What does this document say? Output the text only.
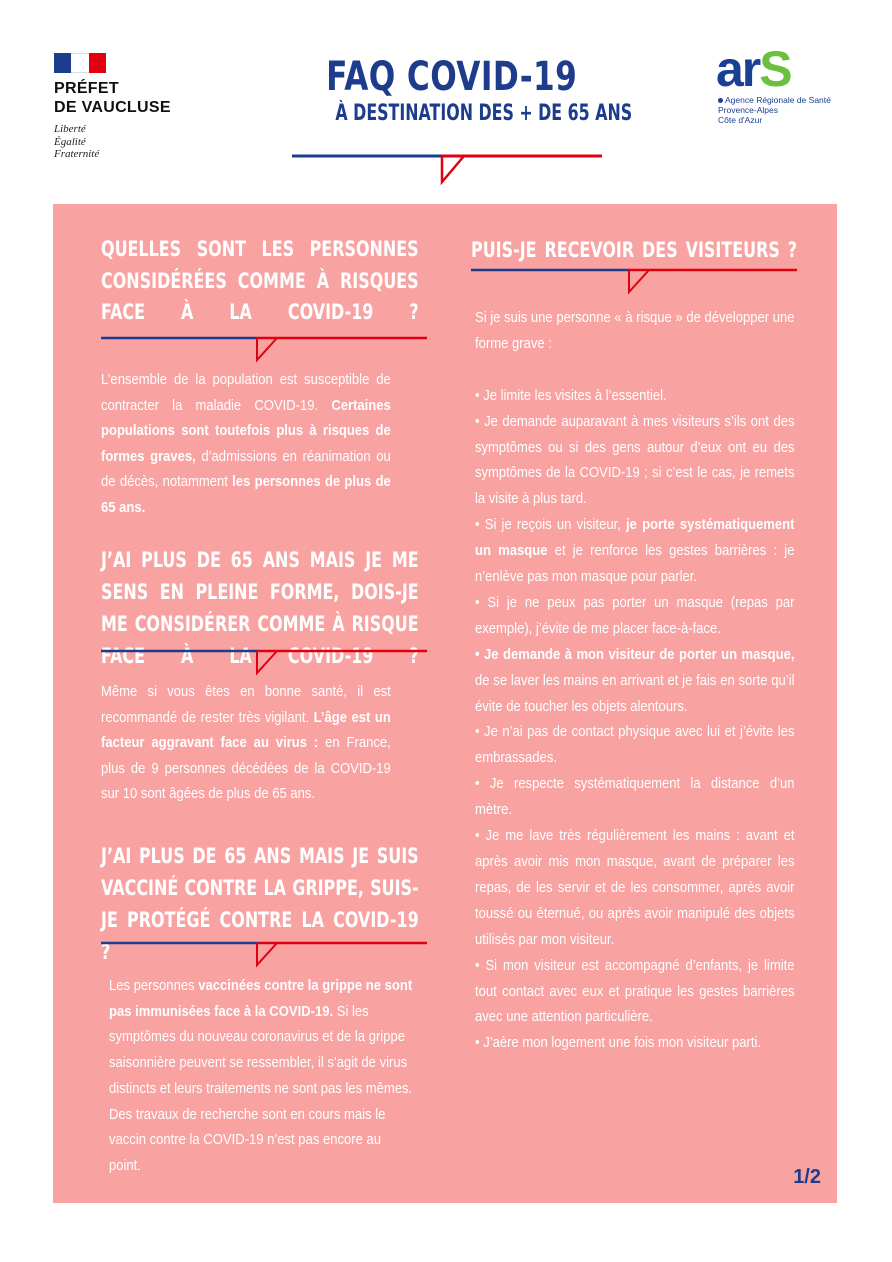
PRÉFET
DE VAUCLUSE
Liberté
Égalité
Fraternité
FAQ COVID-19
À DESTINATION DES + DE 65 ANS
arS
Agence Régionale de Santé
Provence-Alpes
Côte d'Azur
QUELLES SONT LES PERSONNES CONSIDÉRÉES COMME À RISQUES FACE À LA COVID-19 ?
L’ensemble de la population est susceptible de contracter la maladie COVID-19. Certaines populations sont toutefois plus à risques de formes graves, d’admissions en réanimation ou de décès, notamment les personnes de plus de 65 ans.
J’AI PLUS DE 65 ANS MAIS JE ME SENS EN PLEINE FORME, DOIS-JE ME CONSIDÉRER COMME À RISQUE FACE À LA COVID-19 ?
Même si vous êtes en bonne santé, il est recommandé de rester très vigilant. L’âge est un facteur aggravant face au virus : en France, plus de 9 personnes décédées de la COVID-19 sur 10 sont âgées de plus de 65 ans.
J’AI PLUS DE 65 ANS MAIS JE SUIS VACCINÉ CONTRE LA GRIPPE, SUIS-JE PROTÉGÉ CONTRE LA COVID-19 ?
Les personnes vaccinées contre la grippe ne sont pas immunisées face à la COVID-19. Si les symptômes du nouveau coronavirus et de la grippe saisonnière peuvent se ressembler, il s’agit de virus distincts et leurs traitements ne sont pas les mêmes. Des travaux de recherche sont en cours mais le vaccin contre la COVID-19 n’est pas encore au point.
PUIS-JE RECEVOIR DES VISITEURS ?
Si je suis une personne « à risque » de développer une forme grave :
• Je limite les visites à l’essentiel.
• Je demande auparavant à mes visiteurs s’ils ont des symptômes ou si des gens autour d’eux ont eu des symptômes de la COVID-19 ; si c’est le cas, je remets la visite à plus tard.
• Si je reçois un visiteur, je porte systématiquement un masque et je renforce les gestes barrières : je n’enlève pas mon masque pour parler.
• Si je ne peux pas porter un masque (repas par exemple), j’évite de me placer face-à-face.
• Je demande à mon visiteur de porter un masque, de se laver les mains en arrivant et je fais en sorte qu’il évite de toucher les objets alentours.
• Je n’ai pas de contact physique avec lui et j’évite les embrassades.
• Je respecte systématiquement la distance d’un mètre.
• Je me lave très régulièrement les mains : avant et après avoir mis mon masque, avant de préparer les repas, de les servir et de les consommer, après avoir toussé ou éternué, ou après avoir manipulé des objets utilisés par mon visiteur.
• Si mon visiteur est accompagné d’enfants, je limite tout contact avec eux et pratique les gestes barrières avec une attention particulière.
• J’aère mon logement une fois mon visiteur parti.
1/2
